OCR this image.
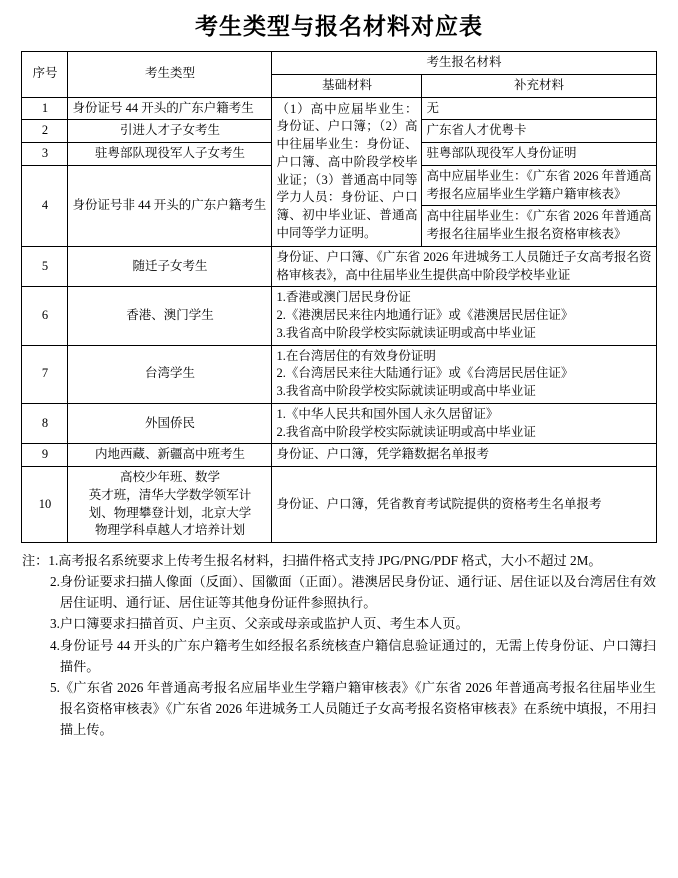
考生类型与报名材料对应表
序号	考生类型	考生报名材料	
		基础材料	补充材料
1	身份证号 44 开头的广东户籍考生	（1）高中应届毕业生：身份证、户口簿；（2）高中往届毕业生：身份证、户口簿、高中阶段学校毕业证；（3）普通高中同等学力人员：身份证、户口簿、初中毕业证、普通高中同等学力证明。	无
2	引进人才子女考生		广东省人才优粤卡
3	驻粤部队现役军人子女考生		驻粤部队现役军人身份证明
4	身份证号非 44 开头的广东户籍考生		高中应届毕业生：《广东省 2026 年普通高考报名应届毕业生学籍户籍审核表》
			高中往届毕业生：《广东省 2026 年普通高考报名往届毕业生报名资格审核表》
5	随迁子女考生	身份证、户口簿、《广东省 2026 年进城务工人员随迁子女高考报名资格审核表》，高中往届毕业生提供高中阶段学校毕业证	
6	香港、澳门学生	1.香港或澳门居民身份证
2.《港澳居民来往内地通行证》或《港澳居民居住证》
3.我省高中阶段学校实际就读证明或高中毕业证	

7	台湾学生	1.在台湾居住的有效身份证明
2.《台湾居民来往大陆通行证》或《台湾居民居住证》
3.我省高中阶段学校实际就读证明或高中毕业证	

8	外国侨民	1.《中华人民共和国外国人永久居留证》
2.我省高中阶段学校实际就读证明或高中毕业证	

9	内地西藏、新疆高中班考生	身份证、户口簿，凭学籍数据名单报考	
10	高校少年班、数学
英才班，清华大学数学领军计
划、物理攀登计划，北京大学
物理学科卓越人才培养计划	身份证、户口簿，凭省教育考试院提供的资格考生名单报考	
注： 1. 高考报名系统要求上传考生报名材料，扫描件格式支持 JPG/PNG/PDF 格式，大小不超过 2M。
2. 身份证要求扫描人像面（反面）、国徽面（正面）。港澳居民身份证、通行证、居住证以及台湾居住有效居住证明、通行证、居住证等其他身份证件参照执行。
3. 户口簿要求扫描首页、户主页、父亲或母亲或监护人页、考生本人页。
4. 身份证号 44 开头的广东户籍考生如经报名系统核查户籍信息验证通过的，无需上传身份证、户口簿扫描件。
5. 《广东省 2026 年普通高考报名应届毕业生学籍户籍审核表》《广东省 2026 年普通高考报名往届毕业生报名资格审核表》《广东省 2026 年进城务工人员随迁子女高考报名资格审核表》在系统中填报，不用扫描上传。
